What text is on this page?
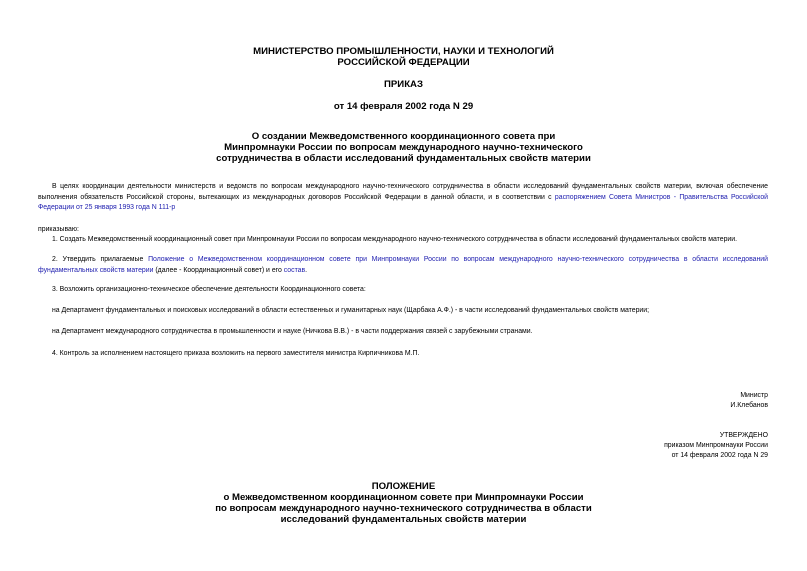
МИНИСТЕРСТВО ПРОМЫШЛЕННОСТИ, НАУКИ И ТЕХНОЛОГИЙ
РОССИЙСКОЙ ФЕДЕРАЦИИ
ПРИКАЗ
от 14 февраля 2002 года N 29
О создании Межведомственного координационного совета при
Минпромнауки России по вопросам международного научно-технического
сотрудничества в области исследований фундаментальных свойств материи
В целях координации деятельности министерств и ведомств по вопросам международного научно-технического сотрудничества в области исследований фундаментальных свойств материи, включая обеспечение выполнения обязательств Российской стороны, вытекающих из международных договоров Российской Федерации в данной области, и в соответствии с распоряжением Совета Министров - Правительства Российской Федерации от 25 января 1993 года N 111-р
приказываю:
1. Создать Межведомственный координационный совет при Минпромнауки России по вопросам международного научно-технического сотрудничества в области исследований фундаментальных свойств материи.
2. Утвердить прилагаемые Положение о Межведомственном координационном совете при Минпромнауки России по вопросам международного научно-технического сотрудничества в области исследований фундаментальных свойств материи (далее - Координационный совет) и его состав.
3. Возложить организационно-техническое обеспечение деятельности Координационного совета:
на Департамент фундаментальных и поисковых исследований в области естественных и гуманитарных наук (Щарбака А.Ф.) - в части исследований фундаментальных свойств материи;
на Департамент международного сотрудничества в промышленности и науке (Ничкова В.В.) - в части поддержания связей с зарубежными странами.
4. Контроль за исполнением настоящего приказа возложить на первого заместителя министра Кирпичникова М.П.
Министр
И.Клебанов
УТВЕРЖДЕНО
приказом Минпромнауки России
от 14 февраля 2002 года N 29
ПОЛОЖЕНИЕ
о Межведомственном координационном совете при Минпромнауки России
по вопросам международного научно-технического сотрудничества в области
исследований фундаментальных свойств материи
